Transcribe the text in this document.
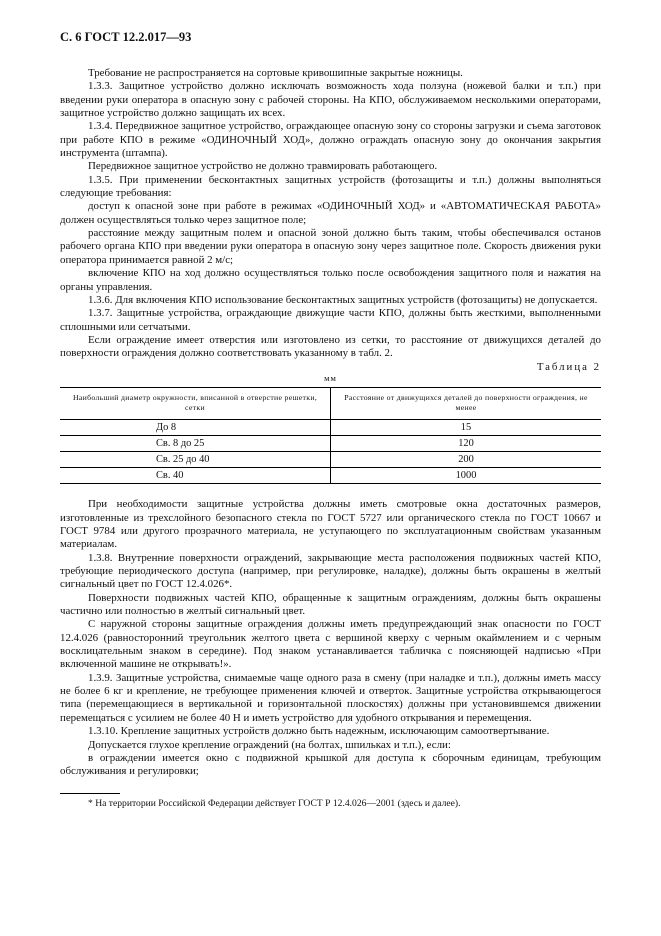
С. 6 ГОСТ 12.2.017—93

Требование не распространяется на сортовые кривошипные закрытые ножницы.

1.3.3. Защитное устройство должно исключать возможность хода ползуна (ножевой балки и т.п.) при введении руки оператора в опасную зону с рабочей стороны. На КПО, обслуживаемом несколькими операторами, защитное устройство должно защищать их всех.

1.3.4. Передвижное защитное устройство, ограждающее опасную зону со стороны загрузки и съема заготовок при работе КПО в режиме «ОДИНОЧНЫЙ ХОД», должно ограждать опасную зону до окончания закрытия инструмента (штампа).

Передвижное защитное устройство не должно травмировать работающего.

1.3.5. При применении бесконтактных защитных устройств (фотозащиты и т.п.) должны выполняться следующие требования:

доступ к опасной зоне при работе в режимах «ОДИНОЧНЫЙ ХОД» и «АВТОМАТИЧЕСКАЯ РАБОТА» должен осуществляться только через защитное поле;

расстояние между защитным полем и опасной зоной должно быть таким, чтобы обеспечивался останов рабочего органа КПО при введении руки оператора в опасную зону через защитное поле. Скорость движения руки оператора принимается равной 2 м/с;

включение КПО на ход должно осуществляться только после освобождения защитного поля и нажатия на органы управления.

1.3.6. Для включения КПО использование бесконтактных защитных устройств (фотозащиты) не допускается.

1.3.7. Защитные устройства, ограждающие движущие части КПО, должны быть жесткими, выполненными сплошными или сетчатыми.

Если ограждение имеет отверстия или изготовлено из сетки, то расстояние от движущихся деталей до поверхности ограждения должно соответствовать указанному в табл. 2.

Таблица 2
мм
Наибольший диаметр окружности, вписанной в отверстие решетки, сетки	Расстояние от движущихся деталей до поверхности ограждения, не менее
До 8	15
Св. 8 до 25	120
Св. 25 до 40	200
Св. 40	1000

При необходимости защитные устройства должны иметь смотровые окна достаточных размеров, изготовленные из трехслойного безопасного стекла по ГОСТ 5727 или органического стекла по ГОСТ 10667 и ГОСТ 9784 или другого прозрачного материала, не уступающего по эксплуатационным свойствам указанным материалам.

1.3.8. Внутренние поверхности ограждений, закрывающие места расположения подвижных частей КПО, требующие периодического доступа (например, при регулировке, наладке), должны быть окрашены в желтый сигнальный цвет по ГОСТ 12.4.026*.

Поверхности подвижных частей КПО, обращенные к защитным ограждениям, должны быть окрашены частично или полностью в желтый сигнальный цвет.

С наружной стороны защитные ограждения должны иметь предупреждающий знак опасности по ГОСТ 12.4.026 (равносторонний треугольник желтого цвета с вершиной кверху с черным окаймлением и с черным восклицательным знаком в середине). Под знаком устанавливается табличка с поясняющей надписью «При включенной машине не открывать!».

1.3.9. Защитные устройства, снимаемые чаще одного раза в смену (при наладке и т.п.), должны иметь массу не более 6 кг и крепление, не требующее применения ключей и отверток. Защитные устройства открывающегося типа (перемещающиеся в вертикальной и горизонтальной плоскостях) должны при установившемся движении перемещаться с усилием не более 40 Н и иметь устройство для удобного открывания и перемещения.

1.3.10. Крепление защитных устройств должно быть надежным, исключающим самоотвертывание.

Допускается глухое крепление ограждений (на болтах, шпильках и т.п.), если:

в ограждении имеется окно с подвижной крышкой для доступа к сборочным единицам, требующим обслуживания и регулировки;

* На территории Российской Федерации действует ГОСТ Р 12.4.026—2001 (здесь и далее).
